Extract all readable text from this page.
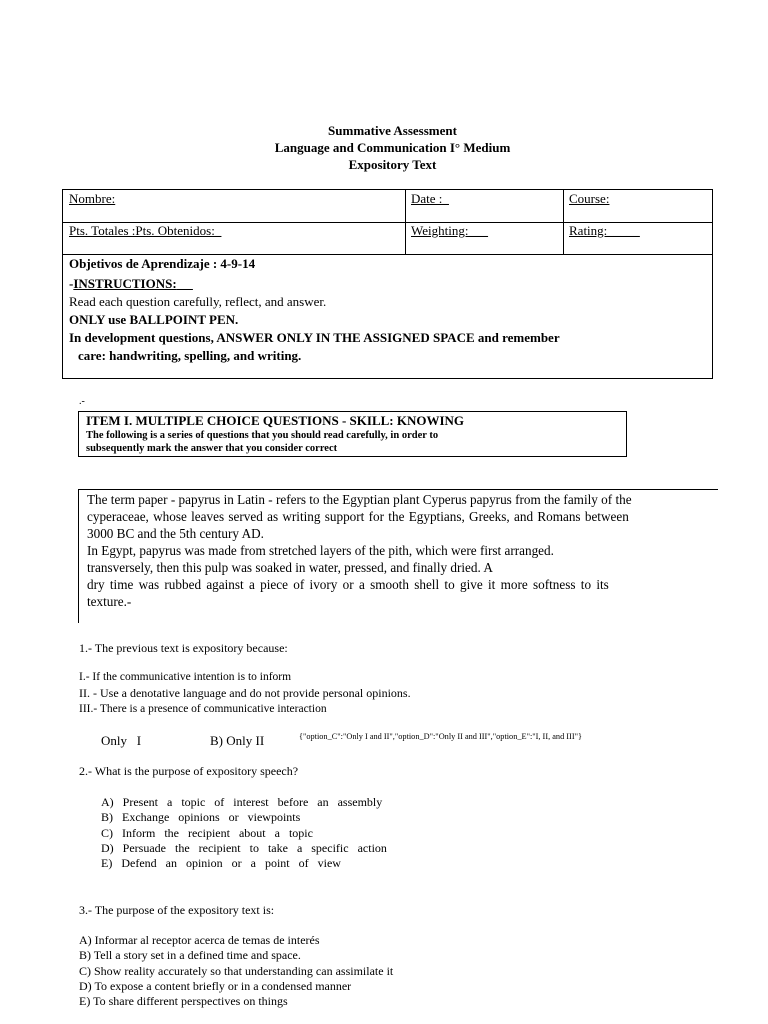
Summative Assessment
Language and Communication I° Medium
Expository Text
Nombre:	Date :_	Course:
Pts. Totales :Pts. Obtenidos:_	Weighting:___	Rating:_____
Objetivos de Aprendizaje : 4-9-14
-INSTRUCTIONS:
Read each question carefully, reflect, and answer.
ONLY use BALLPOINT PEN.
In development questions, ANSWER ONLY IN THE ASSIGNED SPACE and remember
care: handwriting, spelling, and writing.
.-
ITEM I. MULTIPLE CHOICE QUESTIONS - SKILL: KNOWING
The following is a series of questions that you should read carefully, in order to
subsequently mark the answer that you consider correct
The term paper - papyrus in Latin - refers to the Egyptian plant Cyperus papyrus from the family of the
cyperaceae, whose leaves served as writing support for the Egyptians, Greeks, and Romans between
3000 BC and the 5th century AD.
In Egypt, papyrus was made from stretched layers of the pith, which were first arranged.
transversely, then this pulp was soaked in water, pressed, and finally dried. A
dry time was rubbed against a piece of ivory or a smooth shell to give it more softness to its
texture.-
1.- The previous text is expository because:
I.- If the communicative intention is to inform
II. - Use a denotative language and do not provide personal opinions.
III.- There is a presence of communicative interaction
Only   I	B) Only II	{"option_C":"Only I and II","option_D":"Only II and III","option_E":"I, II, and III"}
2.- What is the purpose of expository speech?
A) Present a topic of interest before an assembly
B) Exchange opinions or viewpoints
C) Inform the recipient about a topic
D) Persuade the recipient to take a specific action
E) Defend an opinion or a point of view
3.- The purpose of the expository text is:
A) Informar al receptor acerca de temas de interés
B) Tell a story set in a defined time and space.
C) Show reality accurately so that understanding can assimilate it
D) To expose a content briefly or in a condensed manner
E) To share different perspectives on things
